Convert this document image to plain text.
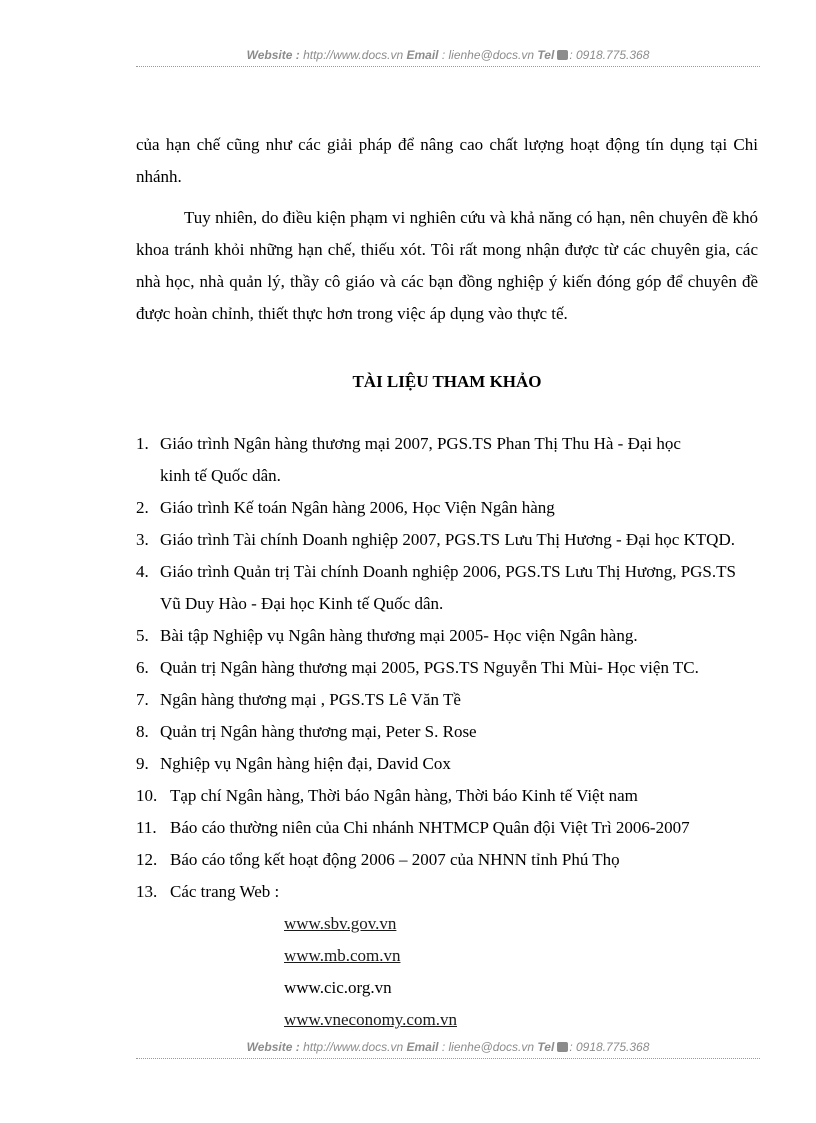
Website : http://www.docs.vn Email : lienhe@docs.vn Tel : 0918.775.368
của hạn chế cũng như các giải pháp để nâng cao chất lượng hoạt động tín dụng tại Chi nhánh.
Tuy nhiên, do điều kiện phạm vi nghiên cứu và khả năng có hạn, nên chuyên đề khó khoa tránh khỏi những hạn chế, thiếu xót. Tôi rất mong nhận được từ các chuyên gia, các nhà học, nhà quản lý, thầy cô giáo và các bạn đồng nghiệp ý kiến đóng góp để chuyên đề được hoàn chỉnh, thiết thực hơn trong việc áp dụng vào thực tế.
TÀI LIỆU THAM KHẢO
1. Giáo trình Ngân hàng thương mại 2007, PGS.TS Phan Thị Thu Hà - Đại học
kinh tế Quốc dân.
2. Giáo trình Kế toán Ngân hàng 2006, Học Viện Ngân hàng
3. Giáo trình Tài chính Doanh nghiệp 2007, PGS.TS Lưu Thị Hương - Đại học KTQD.
4. Giáo trình Quản trị Tài chính Doanh nghiệp 2006, PGS.TS Lưu Thị Hương, PGS.TS
Vũ Duy Hào - Đại học Kinh tế Quốc dân.
5. Bài tập Nghiệp vụ Ngân hàng thương mại 2005- Học viện Ngân hàng.
6. Quản trị Ngân hàng thương mại 2005, PGS.TS Nguyễn Thi Mùi- Học viện TC.
7. Ngân hàng thương mại , PGS.TS Lê Văn Tề
8. Quản trị Ngân hàng thương mại, Peter S. Rose
9. Nghiệp vụ Ngân hàng hiện đại, David Cox
10. Tạp chí Ngân hàng, Thời báo Ngân hàng, Thời báo Kinh tế Việt nam
11. Báo cáo thường niên của Chi nhánh NHTMCP Quân đội Việt Trì 2006-2007
12. Báo cáo tổng kết hoạt động 2006 – 2007 của NHNN tỉnh Phú Thọ
13. Các trang Web :
www.sbv.gov.vn
www.mb.com.vn
www.cic.org.vn
www.vneconomy.com.vn
Website : http://www.docs.vn Email : lienhe@docs.vn Tel : 0918.775.368
